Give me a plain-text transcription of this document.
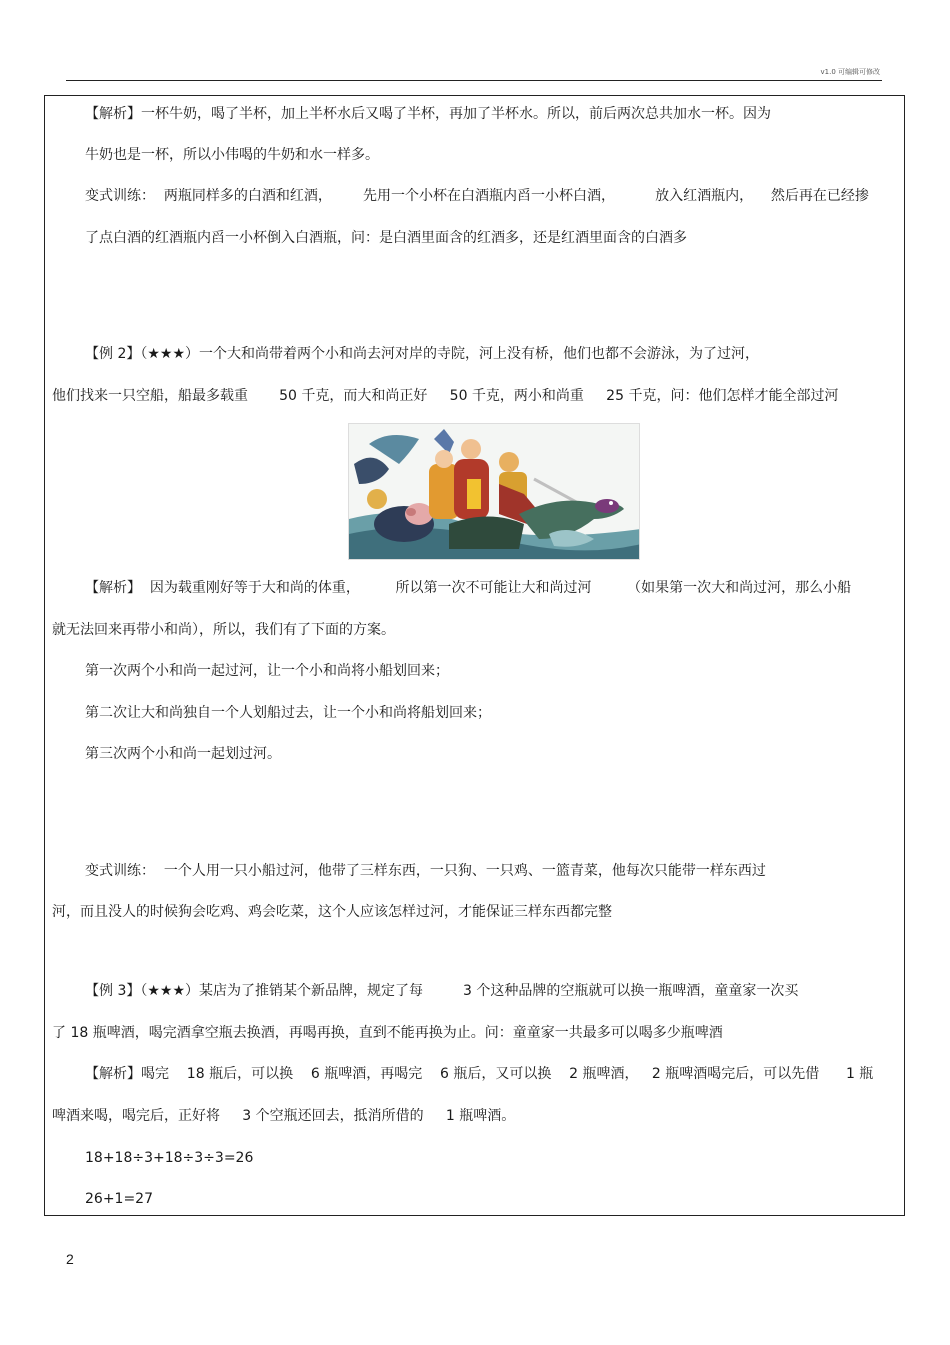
v1.0 可编辑可修改
【解析】一杯牛奶，喝了半杯，加上半杯水后又喝了半杯，再加了半杯水。所以，前后两次总共加水一杯。因为
牛奶也是一杯，所以小伟喝的牛奶和水一样多。
变式训练：  两瓶同样多的白酒和红酒，       先用一个小杯在白酒瓶内舀一小杯白酒，         放入红酒瓶内，    然后再在已经掺
了点白酒的红酒瓶内舀一小杯倒入白酒瓶，问：是白酒里面含的红酒多，还是红酒里面含的白酒多
【例 2】（★★★）一个大和尚带着两个小和尚去河对岸的寺院，河上没有桥，他们也都不会游泳，为了过河，
他们找来一只空船，船最多载重       50 千克，而大和尚正好     50 千克，两小和尚重     25 千克，问：他们怎样才能全部过河
【解析】  因为载重刚好等于大和尚的体重，        所以第一次不可能让大和尚过河        （如果第一次大和尚过河，那么小船
就无法回来再带小和尚），所以，我们有了下面的方案。
第一次两个小和尚一起过河，让一个小和尚将小船划回来；
第二次让大和尚独自一个人划船过去，让一个小和尚将船划回来；
第三次两个小和尚一起划过河。
变式训练：  一个人用一只小船过河，他带了三样东西，一只狗、一只鸡、一篮青菜，他每次只能带一样东西过
河，而且没人的时候狗会吃鸡、鸡会吃菜，这个人应该怎样过河，才能保证三样东西都完整
【例 3】（★★★）某店为了推销某个新品牌，规定了每         3 个这种品牌的空瓶就可以换一瓶啤酒，童童家一次买
了 18 瓶啤酒，喝完酒拿空瓶去换酒，再喝再换，直到不能再换为止。问：童童家一共最多可以喝多少瓶啤酒
【解析】喝完    18 瓶后，可以换    6 瓶啤酒，再喝完    6 瓶后，又可以换    2 瓶啤酒，   2 瓶啤酒喝完后，可以先借      1 瓶
啤酒来喝，喝完后，正好将     3 个空瓶还回去，抵消所借的     1 瓶啤酒。
18+18÷3+18÷3÷3=26
26+1=27
2
